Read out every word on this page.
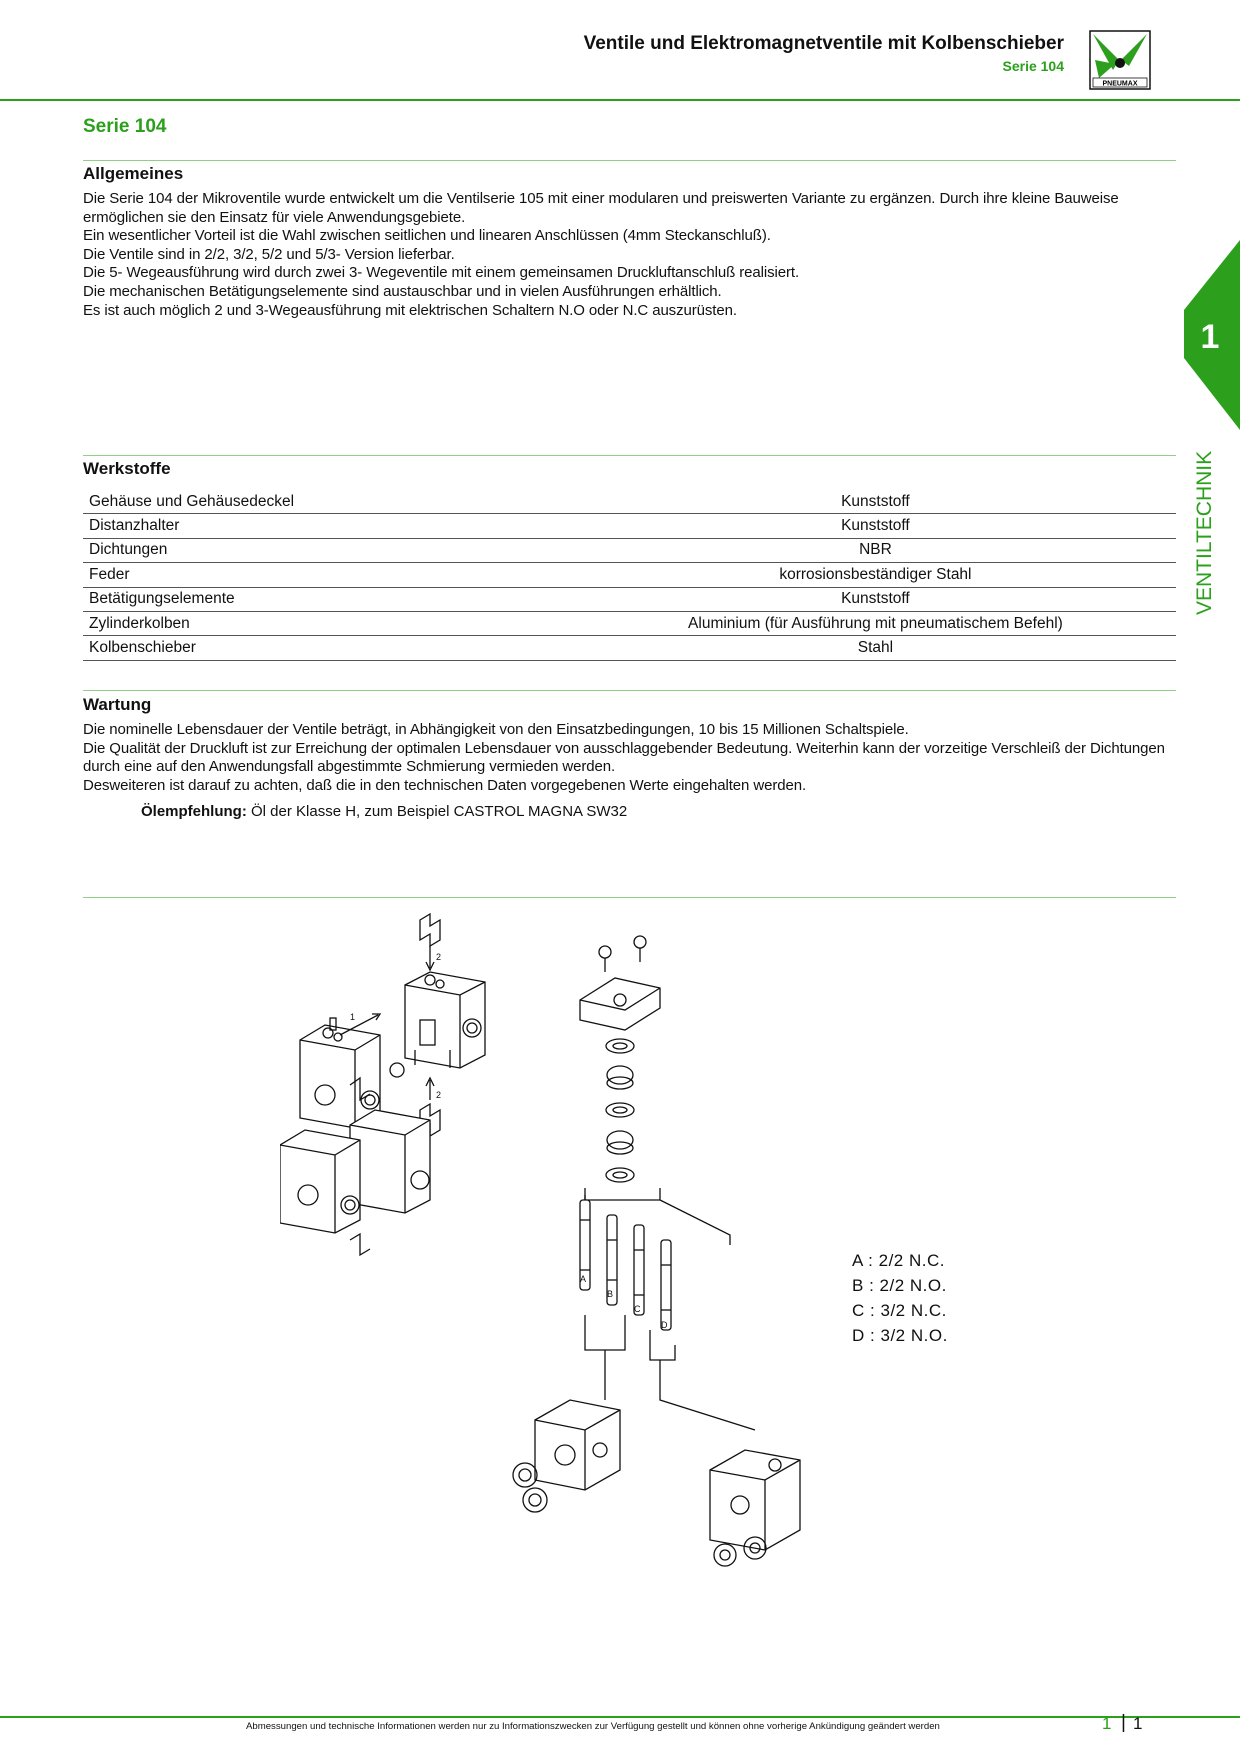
Ventile und Elektromagnetventile mit Kolbenschieber
Serie 104
PNEUMAX
1
VENTILTECHNIK
Serie 104
Allgemeines

Die Serie 104 der Mikroventile wurde entwickelt um die Ventilserie 105 mit einer modularen und preiswerten Variante zu ergänzen. Durch ihre kleine Bauweise ermöglichen sie den Einsatz für viele Anwendungsgebiete.

Ein wesentlicher Vorteil ist die Wahl zwischen seitlichen und linearen Anschlüssen (4mm Steckanschluß).

Die Ventile sind in 2/2, 3/2, 5/2 und 5/3- Version lieferbar.

Die 5- Wegeausführung wird durch zwei 3- Wegeventile mit einem gemeinsamen Druckluftanschluß realisiert.

Die mechanischen Betätigungselemente sind austauschbar und in vielen Ausführungen erhältlich.

Es ist auch möglich 2 und 3-Wegeausführung mit elektrischen Schaltern N.O oder N.C auszurüsten.

Werkstoffe
Gehäuse und Gehäusedeckel	Kunststoff
Distanzhalter	Kunststoff
Dichtungen	NBR
Feder	korrosionsbeständiger Stahl
Betätigungselemente	Kunststoff
Zylinderkolben	Aluminium (für Ausführung mit pneumatischem Befehl)
Kolbenschieber	Stahl
Wartung

Die nominelle Lebensdauer der Ventile beträgt, in Abhängigkeit von den Einsatzbedingungen, 10 bis 15 Millionen Schaltspiele.

Die Qualität der Druckluft ist zur Erreichung der optimalen Lebensdauer von ausschlaggebender Bedeutung. Weiterhin kann der vorzeitige Verschleiß der Dichtungen durch eine auf den Anwendungsfall abgestimmte Schmierung vermieden werden.

Desweiteren ist darauf zu achten, daß die in den technischen Daten vorgegebenen Werte eingehalten werden.

Ölempfehlung: Öl der Klasse H, zum Beispiel CASTROL MAGNA SW32
2
1
2
A
B
C
D
A : 2/2 N.C.
B : 2/2 N.O.
C : 3/2 N.C.
D : 3/2 N.O.
Abmessungen und technische Informationen werden nur zu Informationszwecken zur Verfügung gestellt und können ohne vorherige Ankündigung geändert werden	1 | 1
